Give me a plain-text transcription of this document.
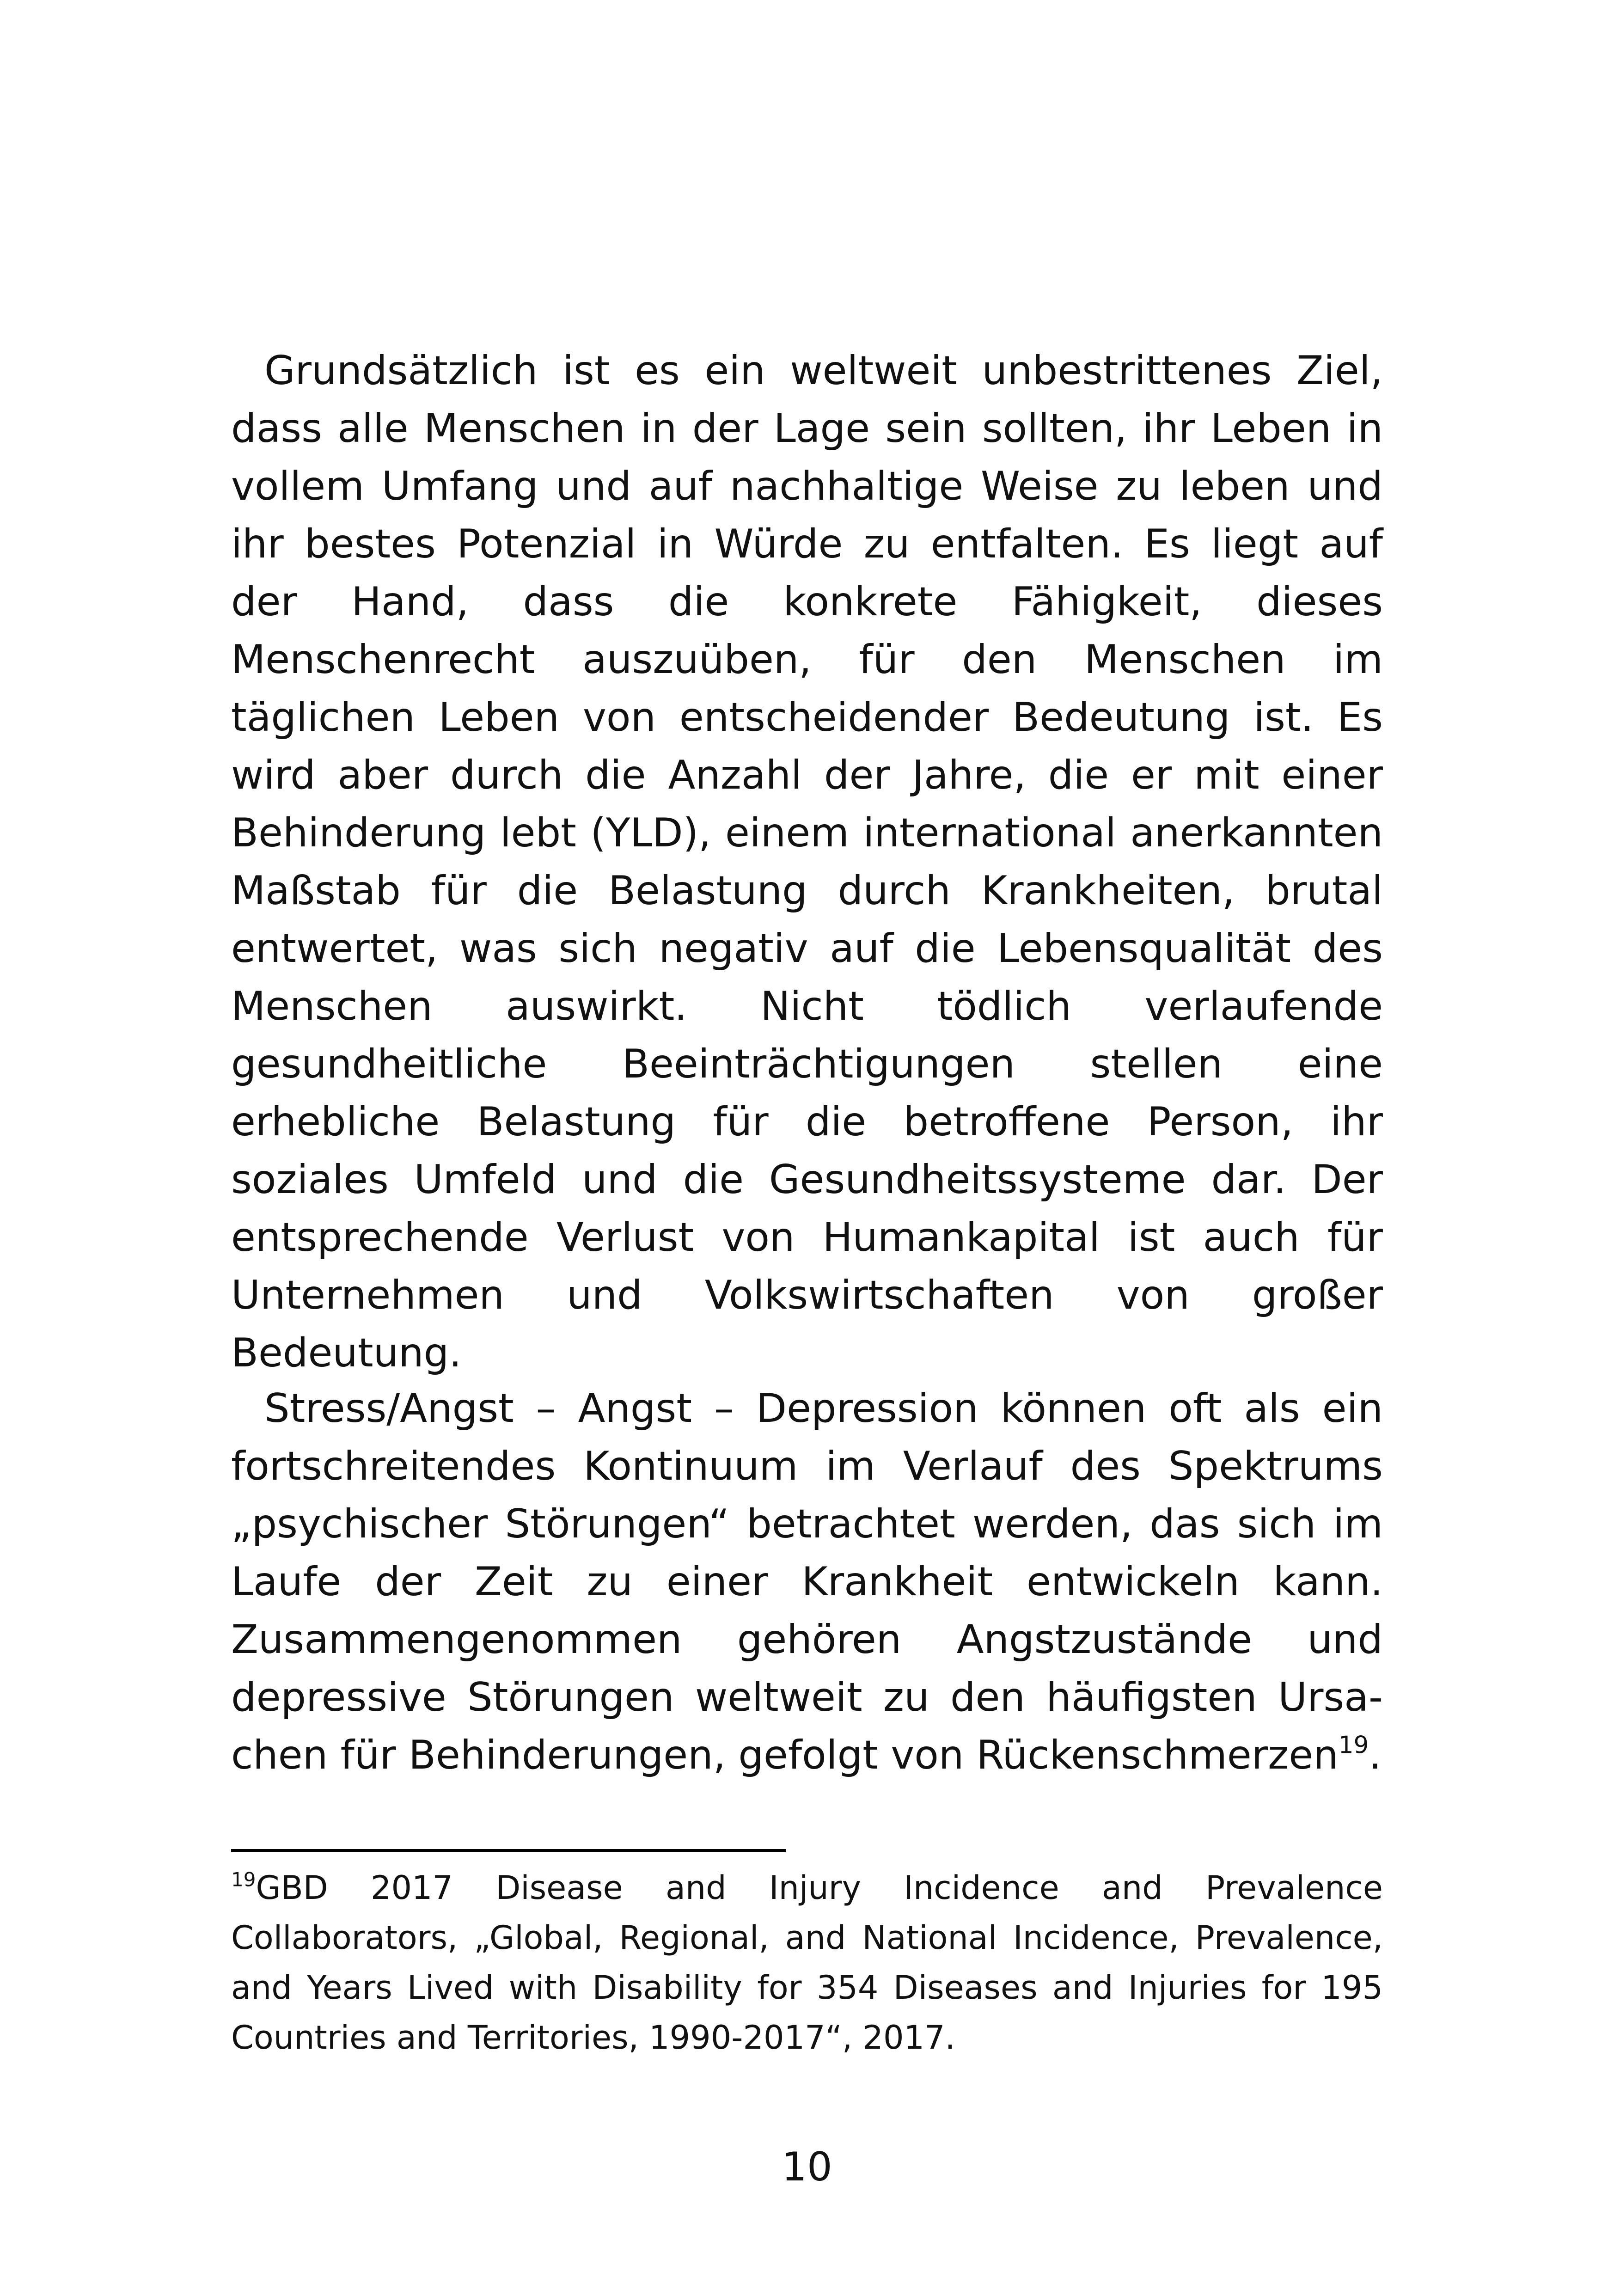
Grundsätzlich ist es ein weltweit unbestrittenes Ziel, dass alle Menschen in der Lage sein sollten, ihr Leben in vollem Umfang und auf nachhaltige Weise zu leben und ihr bestes Potenzial in Würde zu entfalten. Es liegt auf der Hand, dass die konkrete Fähigkeit, dieses Menschenrecht auszuüben, für den Menschen im täglichen Leben von entscheidender Bedeutung ist. Es wird aber durch die Anzahl der Jahre, die er mit einer Behinderung lebt (YLD), einem international anerkannten Maßstab für die Belastung durch Krankheiten, brutal entwertet, was sich negativ auf die Lebensqualität des Menschen auswirkt. Nicht tödlich verlaufende gesundheitliche Beeinträchtigungen stellen eine erhebliche Belastung für die betroffene Person, ihr soziales Umfeld und die Gesundheitssysteme dar. Der entsprechende Verlust von Humankapital ist auch für Unternehmen und Volkswirtschaften von großer Bedeutung.

Stress/Angst – Angst – Depression können oft als ein fortschreitendes Kontinuum im Verlauf des Spektrums „psychischer Störungen“ betrachtet werden, das sich im Laufe der Zeit zu einer Krankheit entwickeln kann. Zusammengenommen gehören Angstzustände und depressive Störungen weltweit zu den häufigsten Ursachen für Behinderungen, gefolgt von Rückenschmerzen$^{19}$.

$^{19}$GBD 2017 Disease and Injury Incidence and Prevalence Collaborators, „Global, Regional, and National Incidence, Prevalence, and Years Lived with Disability for 354 Diseases and Injuries for 195 Countries and Territories, 1990-2017“, 2017.

10
